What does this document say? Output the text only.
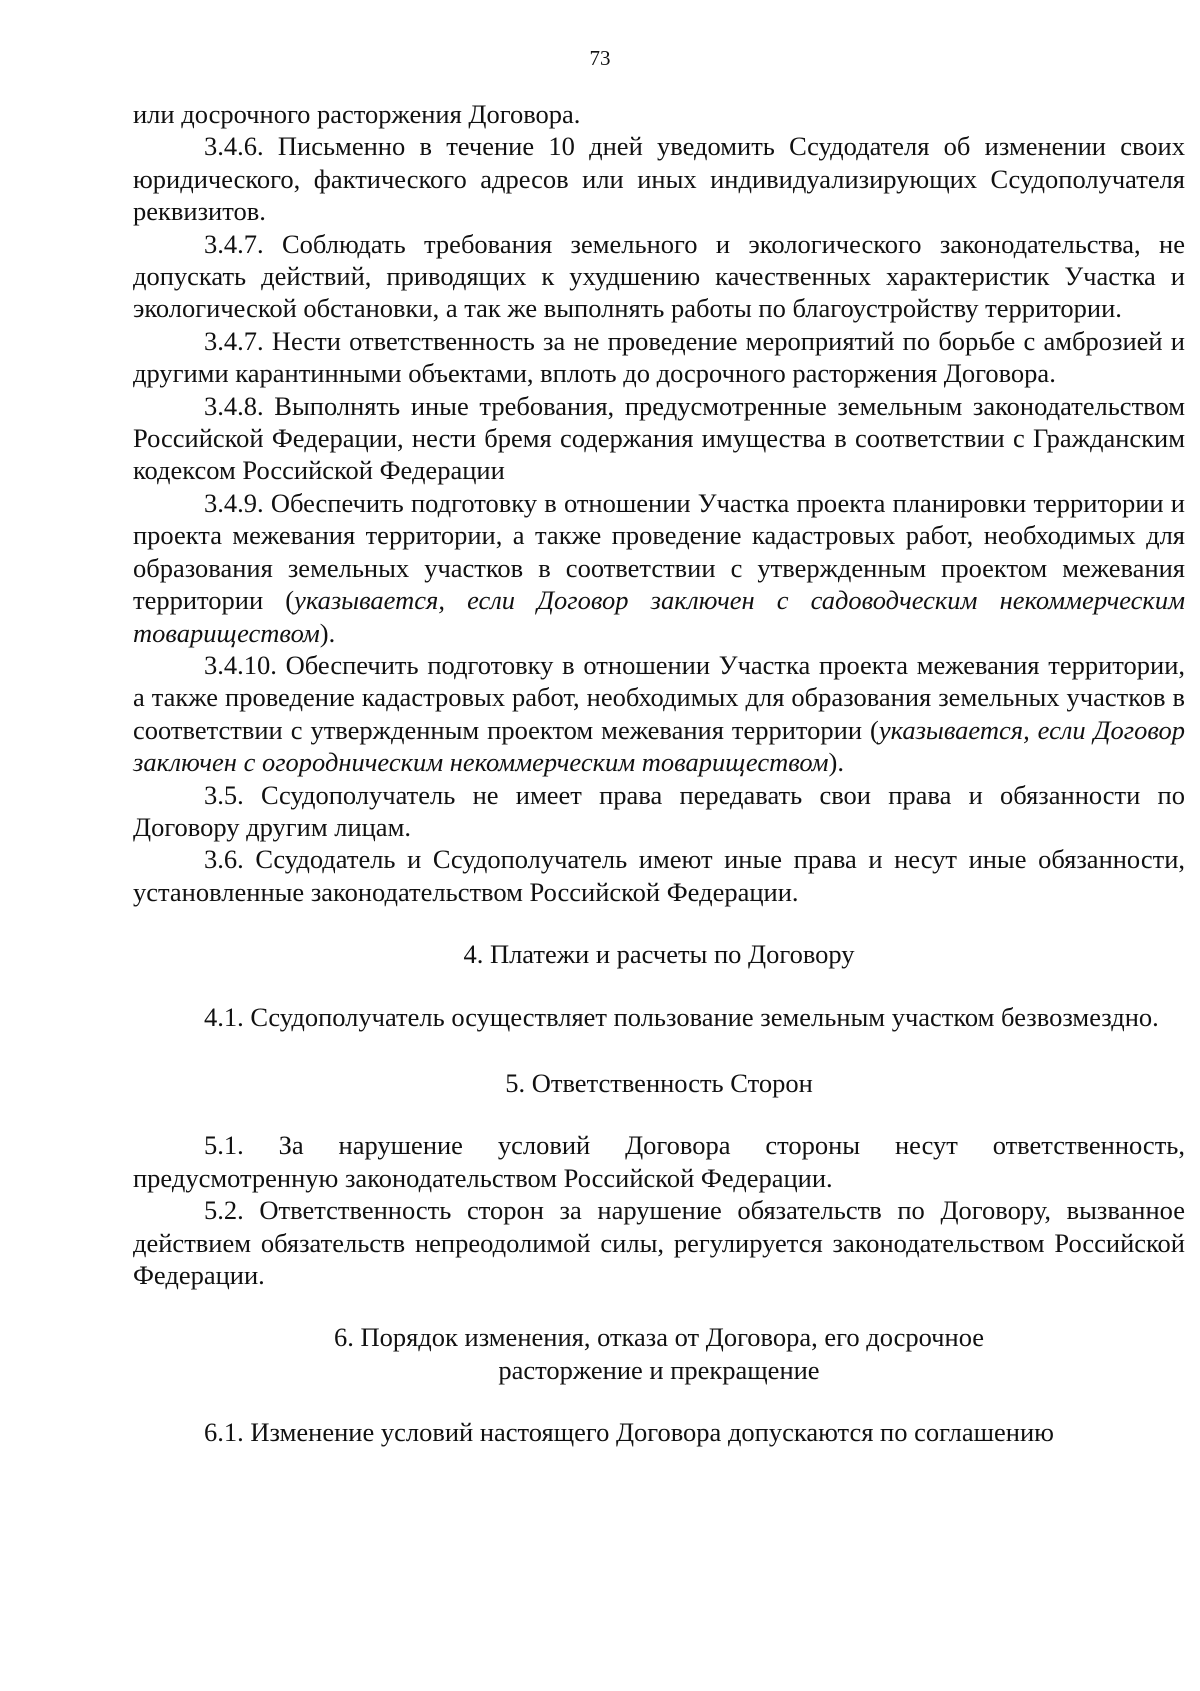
73

или досрочного расторжения Договора.

3.4.6. Письменно в течение 10 дней уведомить Ссудодателя об изменении своих юридического, фактического адресов или иных индивидуализирующих Ссудополучателя реквизитов.

3.4.7. Соблюдать требования земельного и экологического законодательства, не допускать действий, приводящих к ухудшению качественных характеристик Участка и экологической обстановки, а так же выполнять работы по благоустройству территории.

3.4.7. Нести ответственность за не проведение мероприятий по борьбе с амброзией и другими карантинными объектами, вплоть до досрочного расторжения Договора.

3.4.8. Выполнять иные требования, предусмотренные земельным законодательством Российской Федерации, нести бремя содержания имущества в соответствии с Гражданским кодексом Российской Федерации

3.4.9. Обеспечить подготовку в отношении Участка проекта планировки территории и проекта межевания территории, а также проведение кадастровых работ, необходимых для образования земельных участков в соответствии с утвержденным проектом межевания территории (указывается, если Договор заключен с садоводческим некоммерческим товариществом).

3.4.10. Обеспечить подготовку в отношении Участка проекта межевания территории, а также проведение кадастровых работ, необходимых для образования земельных участков в соответствии с утвержденным проектом межевания территории (указывается, если Договор заключен с огородническим некоммерческим товариществом).

3.5. Ссудополучатель не имеет права передавать свои права и обязанности по Договору другим лицам.

3.6. Ссудодатель и Ссудополучатель имеют иные права и несут иные обязанности, установленные законодательством Российской Федерации.

4. Платежи и расчеты по Договору

4.1. Ссудополучатель осуществляет пользование земельным участком безвозмездно.

5. Ответственность Сторон

5.1. За нарушение условий Договора стороны несут ответственность, предусмотренную законодательством Российской Федерации.

5.2. Ответственность сторон за нарушение обязательств по Договору, вызванное действием обязательств непреодолимой силы, регулируется законодательством Российской Федерации.

6. Порядок изменения, отказа от Договора, его досрочное
расторжение и прекращение

6.1. Изменение условий настоящего Договора допускаются по соглашению
